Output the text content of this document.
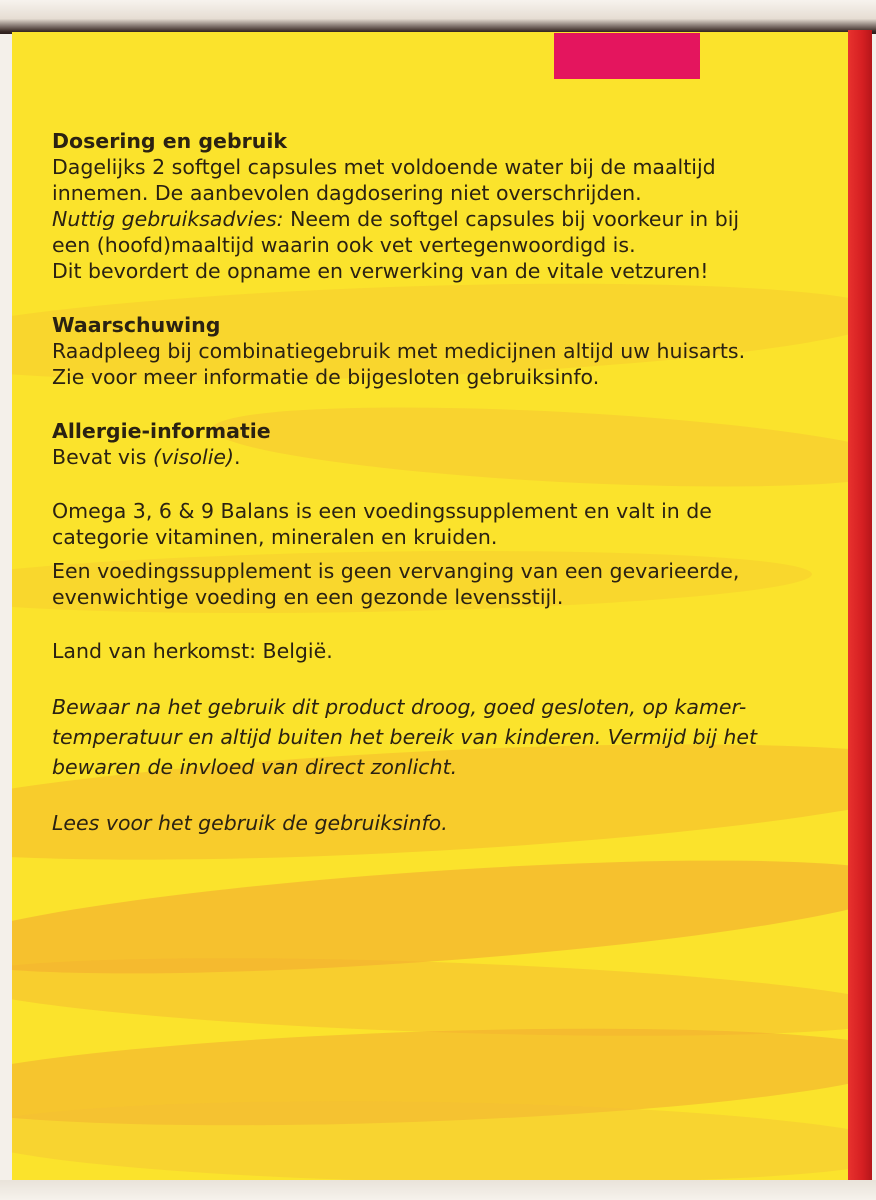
Dosering en gebruik
Dagelijks 2 softgel capsules met voldoende water bij de maaltijd
innemen. De aanbevolen dagdosering niet overschrijden.
Nuttig gebruiksadvies: Neem de softgel capsules bij voorkeur in bij
een (hoofd)maaltijd waarin ook vet vertegenwoordigd is.
Dit bevordert de opname en verwerking van de vitale vetzuren!
Waarschuwing
Raadpleeg bij combinatiegebruik met medicijnen altijd uw huisarts.
Zie voor meer informatie de bijgesloten gebruiksinfo.
Allergie-informatie
Bevat vis (visolie).
Omega 3, 6 & 9 Balans is een voedingssupplement en valt in de
categorie vitaminen, mineralen en kruiden.
Een voedingssupplement is geen vervanging van een gevarieerde,
evenwichtige voeding en een gezonde levensstijl.
Land van herkomst: België.
Bewaar na het gebruik dit product droog, goed gesloten, op kamer-
temperatuur en altijd buiten het bereik van kinderen. Vermijd bij het
bewaren de invloed van direct zonlicht.
Lees voor het gebruik de gebruiksinfo.
